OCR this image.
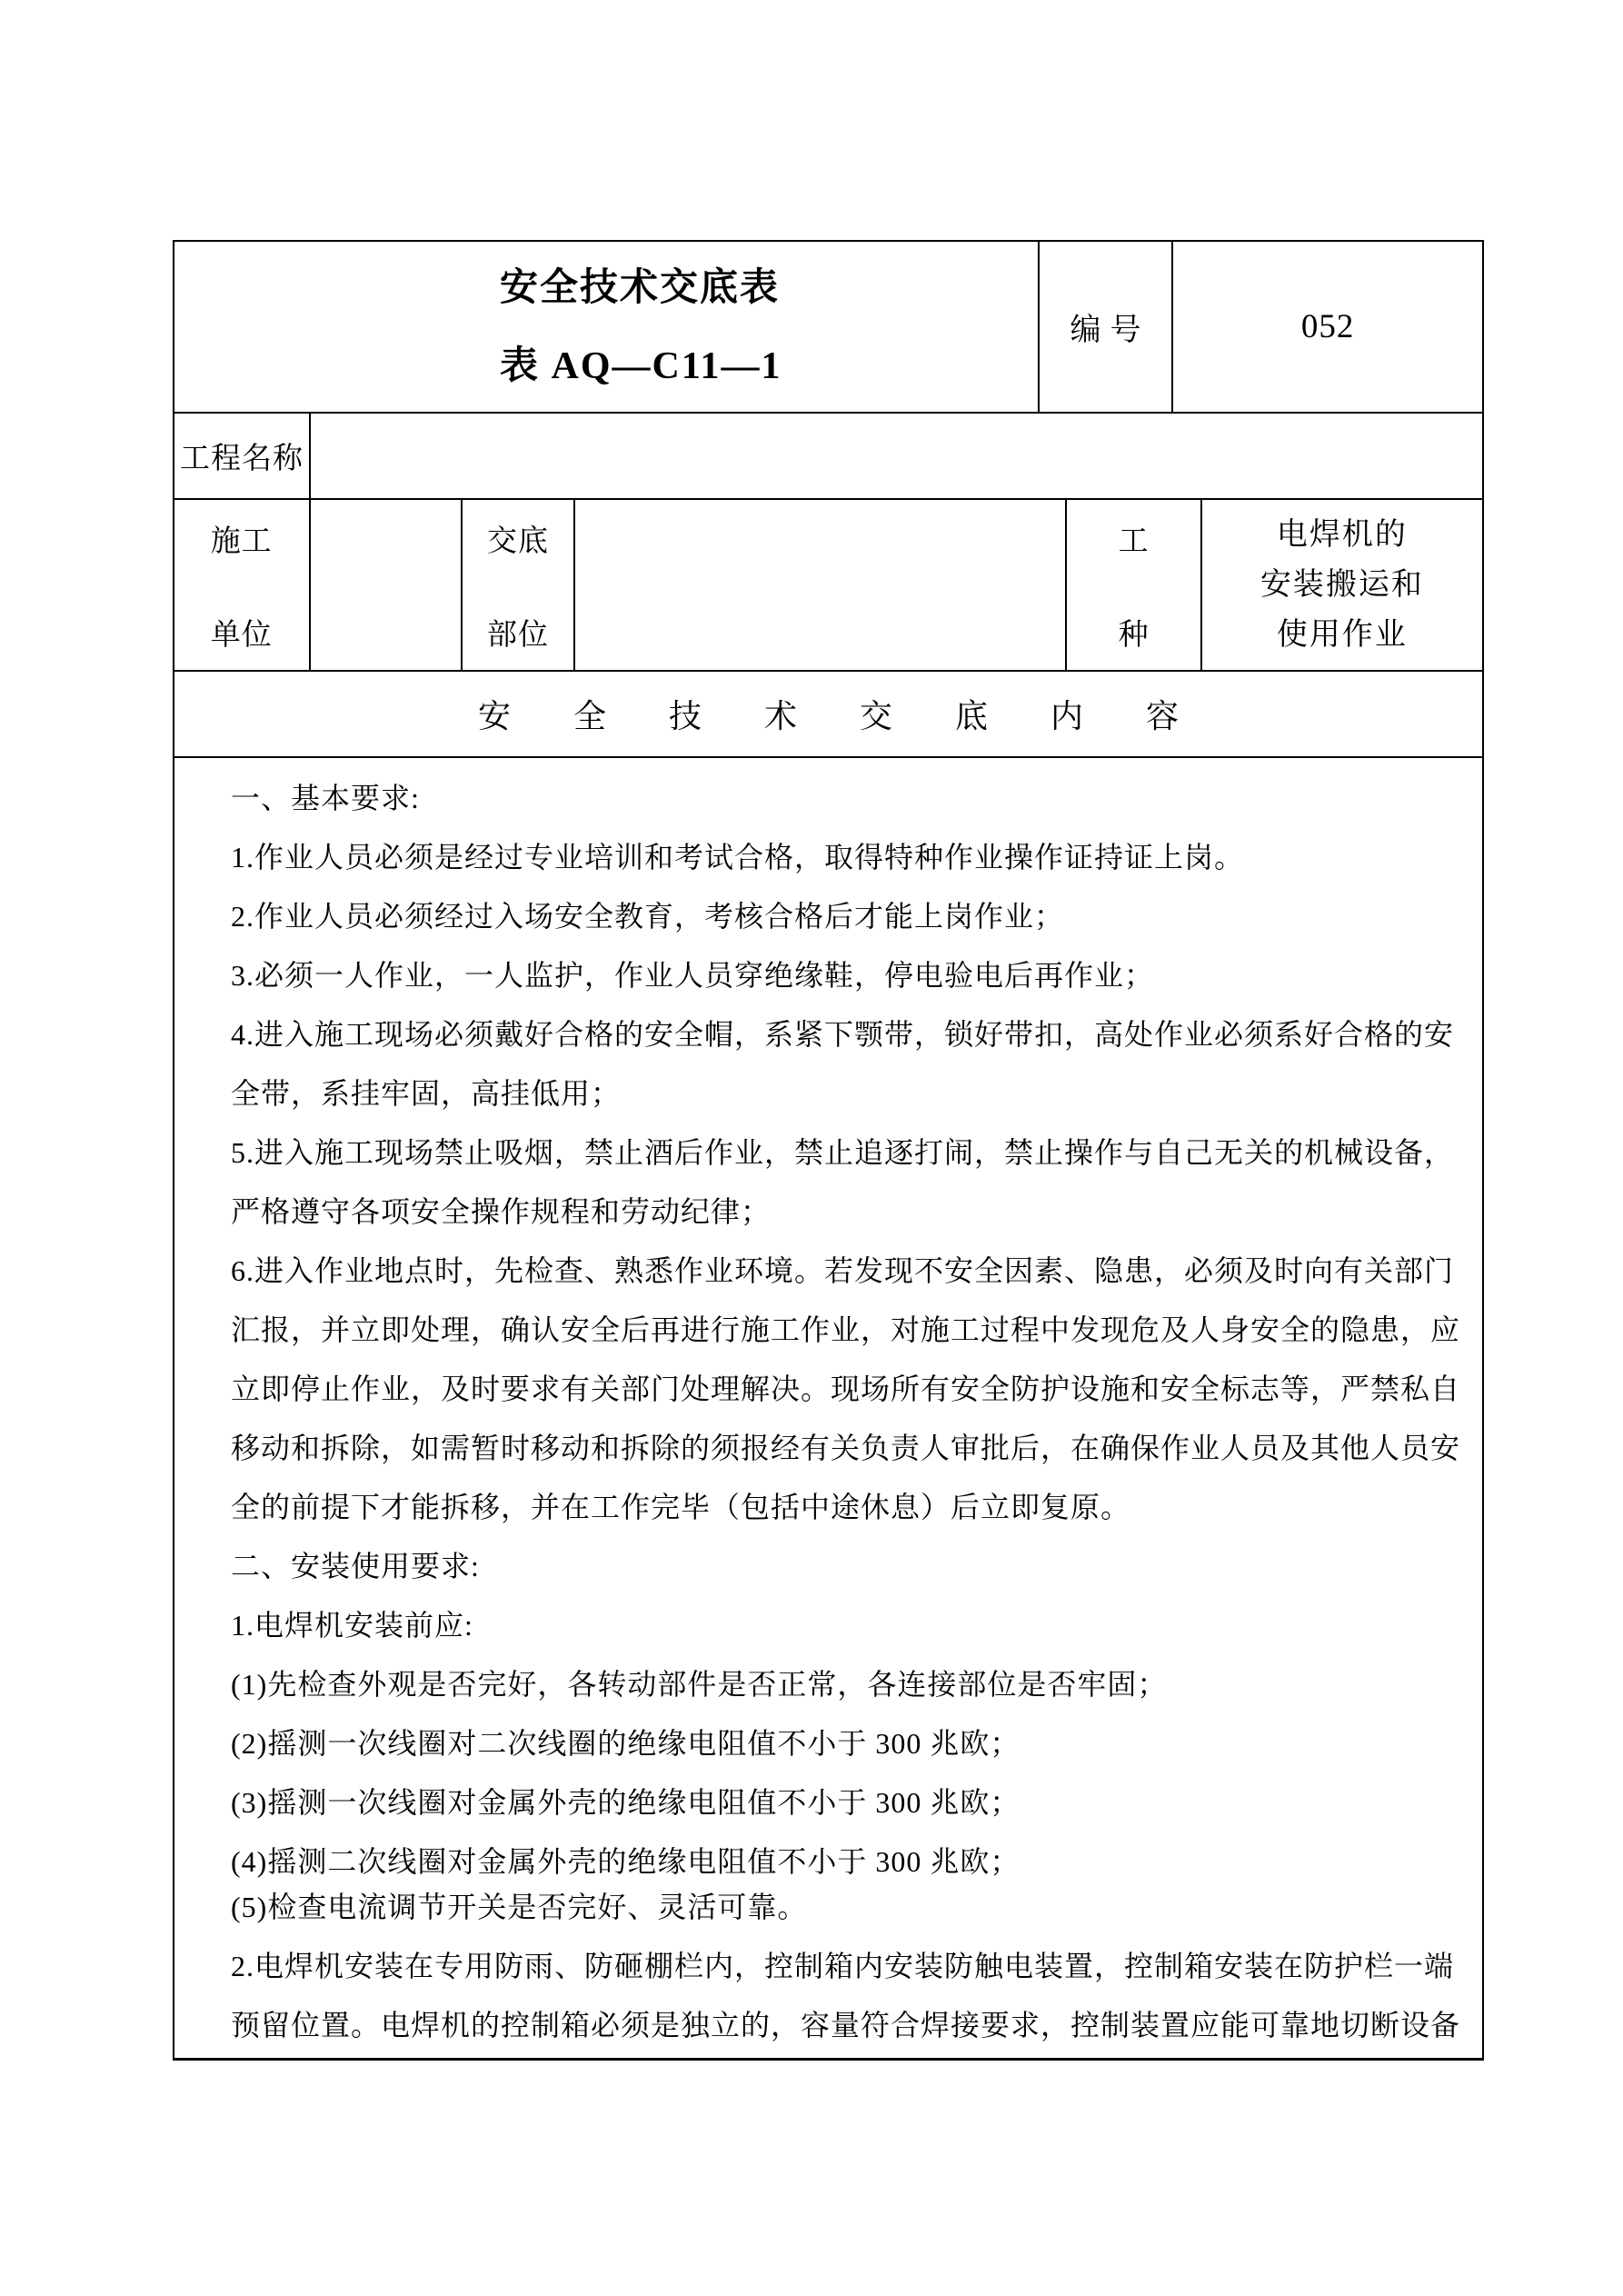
安全技术交底表
表 AQ—C11—1
编号	052
工程名称
施工
单位
交底
部位
工
种
电焊机的
安装搬运和
使用作业
安 全 技 术 交 底 内 容
一、基本要求:
1.作业人员必须是经过专业培训和考试合格，取得特种作业操作证持证上岗。
2.作业人员必须经过入场安全教育，考核合格后才能上岗作业；
3.必须一人作业，一人监护，作业人员穿绝缘鞋，停电验电后再作业；
4.进入施工现场必须戴好合格的安全帽，系紧下颚带，锁好带扣，高处作业必须系好合格的安
全带，系挂牢固，高挂低用；
5.进入施工现场禁止吸烟，禁止酒后作业，禁止追逐打闹，禁止操作与自己无关的机械设备，
严格遵守各项安全操作规程和劳动纪律；
6.进入作业地点时，先检查、熟悉作业环境。若发现不安全因素、隐患，必须及时向有关部门
汇报，并立即处理，确认安全后再进行施工作业，对施工过程中发现危及人身安全的隐患，应
立即停止作业，及时要求有关部门处理解决。现场所有安全防护设施和安全标志等，严禁私自
移动和拆除，如需暂时移动和拆除的须报经有关负责人审批后，在确保作业人员及其他人员安
全的前提下才能拆移，并在工作完毕（包括中途休息）后立即复原。
二、安装使用要求:
1.电焊机安装前应:
(1)先检查外观是否完好，各转动部件是否正常，各连接部位是否牢固；
(2)摇测一次线圈对二次线圈的绝缘电阻值不小于 300 兆欧；
(3)摇测一次线圈对金属外壳的绝缘电阻值不小于 300 兆欧；
(4)摇测二次线圈对金属外壳的绝缘电阻值不小于 300 兆欧；
(5)检查电流调节开关是否完好、灵活可靠。
2.电焊机安装在专用防雨、防砸棚栏内，控制箱内安装防触电装置，控制箱安装在防护栏一端
预留位置。电焊机的控制箱必须是独立的，容量符合焊接要求，控制装置应能可靠地切断设备
